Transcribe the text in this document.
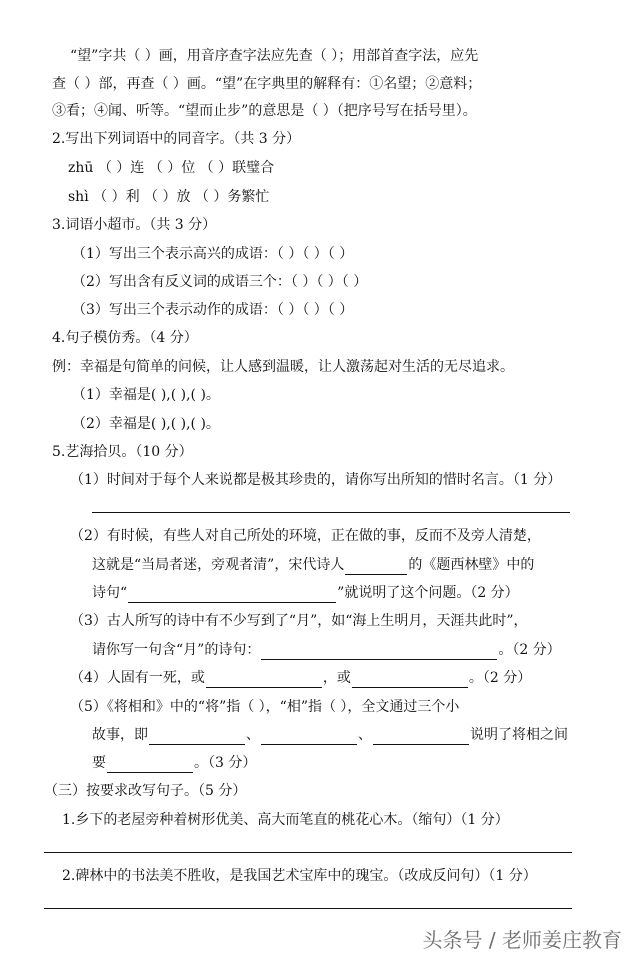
“望”字共（ ）画，用音序查字法应先查（ ）；用部首查字法，应先
查（ ）部，再查（ ）画。“望”在字典里的解释有：①名望；②意料；
③看；④闻、听等。“望而止步”的意思是（ ）（把序号写在括号里）。
2.写出下列词语中的同音字。（共 3 分）
zhū （ ）连 （ ）位 （ ）联璧合
shì （ ）利 （ ）放 （ ）务繁忙
3.词语小超市。（共 3 分）
（1）写出三个表示高兴的成语：（ ）（ ）（ ）
（2）写出含有反义词的成语三个：（ ）（ ）（ ）
（3）写出三个表示动作的成语：（ ）（ ）（ ）
4.句子模仿秀。（4 分）
例：幸福是句简单的问候，让人感到温暖，让人激荡起对生活的无尽追求。
（1）幸福是( ),( ),( )。
（2）幸福是( ),( ),( )。
5.艺海拾贝。（10 分）
（1）时间对于每个人来说都是极其珍贵的，请你写出所知的惜时名言。（1 分）
（2）有时候，有些人对自己所处的环境，正在做的事，反而不及旁人清楚，
这就是“当局者迷，旁观者清”，宋代诗人	的《题西林壁》中的
诗句“	”就说明了这个问题。（2 分）
（3）古人所写的诗中有不少写到了“月”，如“海上生明月，天涯共此时”，
请你写一句含“月”的诗句：	。（2 分）
（4）人固有一死，或	，或	。（2 分）
（5）《将相和》中的“将”指（ ），“相”指（ ），全文通过三个小
故事，即	、	、	说明了将相之间
要	。（3 分）
（三）按要求改写句子。（5 分）
1.乡下的老屋旁种着树形优美、高大而笔直的桃花心木。（缩句）（1 分）
2.碑林中的书法美不胜收，是我国艺术宝库中的瑰宝。（改成反问句）（1 分）
头条号 / 老师姜庄教育
